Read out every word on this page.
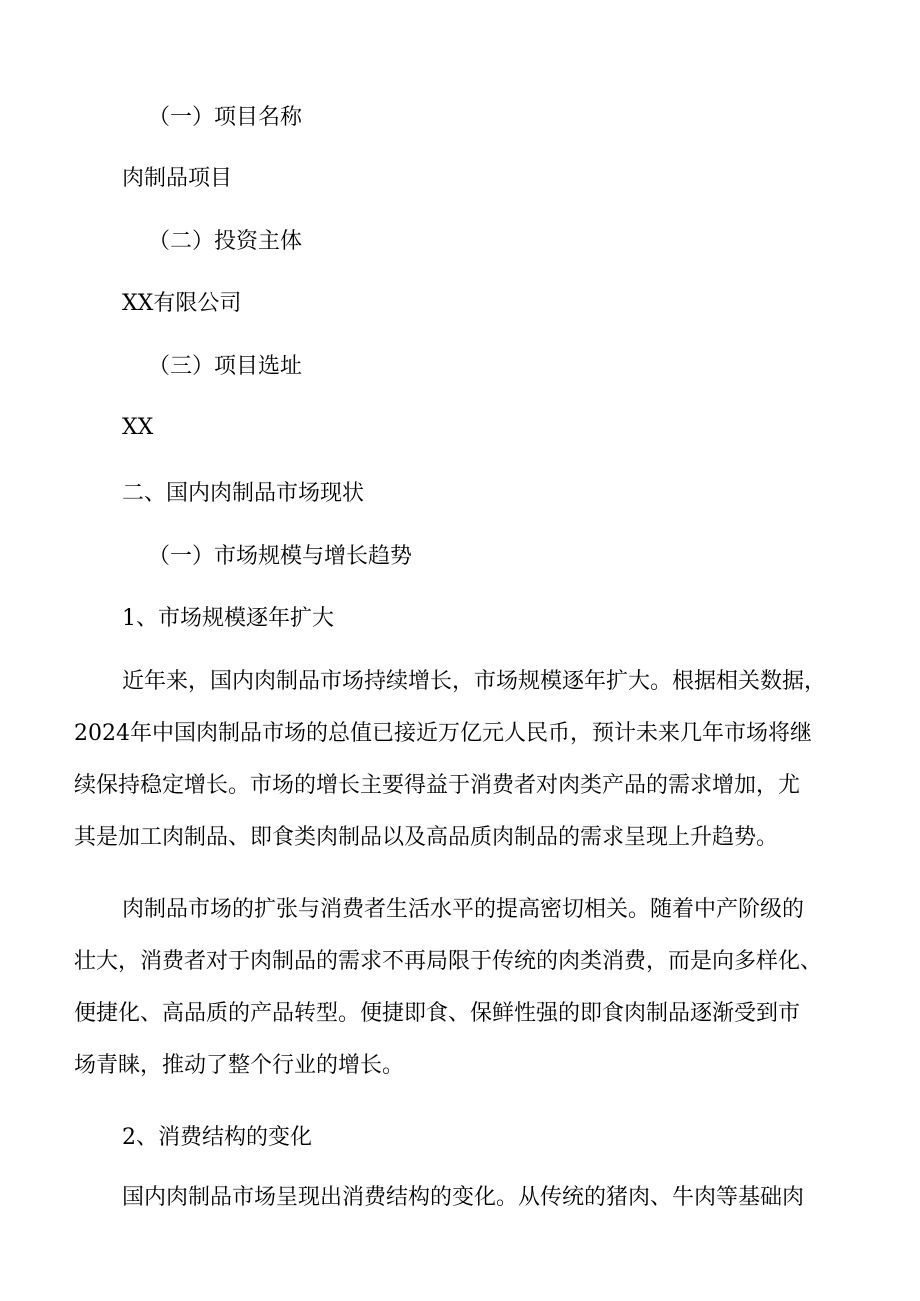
（一）项目名称

肉制品项目

（二）投资主体

XX有限公司

（三）项目选址

XX

二、国内肉制品市场现状

（一）市场规模与增长趋势

1、市场规模逐年扩大

近年来，国内肉制品市场持续增长，市场规模逐年扩大。根据相关数据，
2024年中国肉制品市场的总值已接近万亿元人民币，预计未来几年市场将继
续保持稳定增长。市场的增长主要得益于消费者对肉类产品的需求增加，尤
其是加工肉制品、即食类肉制品以及高品质肉制品的需求呈现上升趋势。
肉制品市场的扩张与消费者生活水平的提高密切相关。随着中产阶级的
壮大，消费者对于肉制品的需求不再局限于传统的肉类消费，而是向多样化、
便捷化、高品质的产品转型。便捷即食、保鲜性强的即食肉制品逐渐受到市
场青睐，推动了整个行业的增长。

2、消费结构的变化

国内肉制品市场呈现出消费结构的变化。从传统的猪肉、牛肉等基础肉
